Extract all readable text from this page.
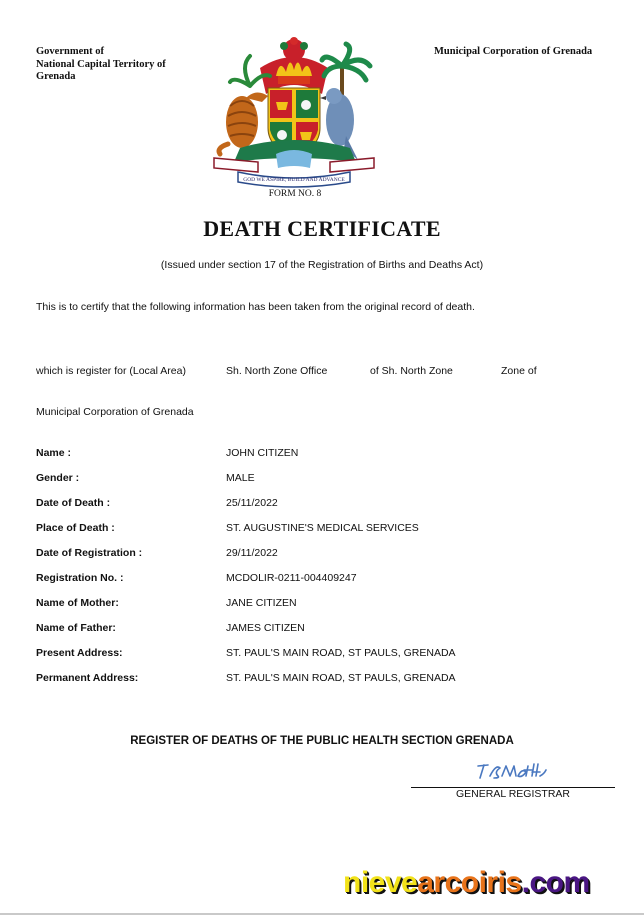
Government of
National Capital Territory of
Grenada
Municipal Corporation of Grenada
GOD WE ASPIRE, BUILD AND ADVANCE
FORM NO. 8
DEATH CERTIFICATE
(Issued under section 17 of the Registration of Births and Deaths Act)
This is to certify that the following information has been taken from the original record of death.
which is register for (Local Area)	Sh. North Zone Office	of Sh. North Zone	Zone of
Municipal Corporation of Grenada
Name :	JOHN CITIZEN
Gender :	MALE
Date of Death :	25/11/2022
Place of Death :	ST. AUGUSTINE'S MEDICAL SERVICES
Date of Registration :	29/11/2022
Registration No. :	MCDOLIR-0211-004409247
Name of Mother:	JANE CITIZEN
Name of Father:	JAMES CITIZEN
Present Address:	ST. PAUL'S MAIN ROAD, ST PAULS, GRENADA
Permanent Address:	ST. PAUL'S MAIN ROAD, ST PAULS, GRENADA
REGISTER OF DEATHS OF THE PUBLIC HEALTH SECTION GRENADA
GENERAL REGISTRAR
nievearcoiris.com
